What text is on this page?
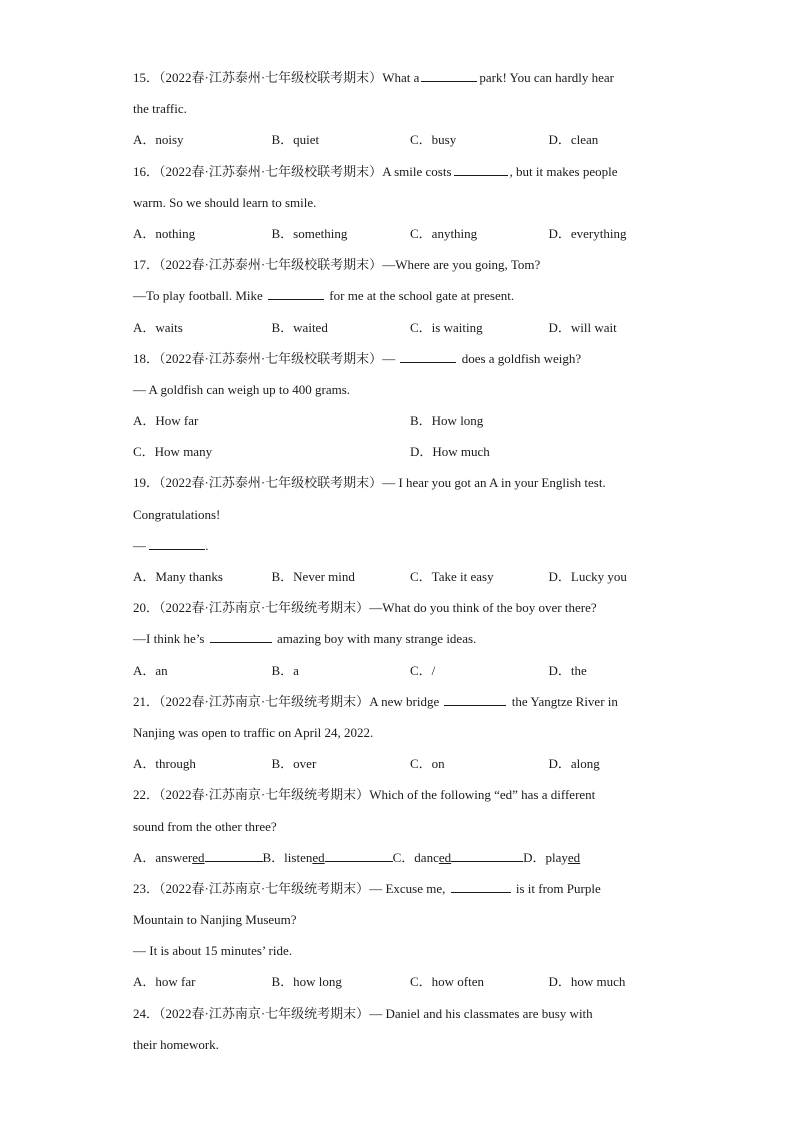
15．（2022春·江苏泰州·七年级校联考期末）What a	park! You can hardly hear
the traffic.
A．noisy	B．quiet	C．busy	D．clean
16．（2022春·江苏泰州·七年级校联考期末）A smile costs	, but it makes people
warm. So we should learn to smile.
A．nothing	B．something	C．anything	D．everything
17．（2022春·江苏泰州·七年级校联考期末）—Where are you going, Tom?
—To play football. Mike	for me at the school gate at present.
A．waits	B．waited	C．is waiting	D．will wait
18．（2022春·江苏泰州·七年级校联考期末）—	does a goldfish weigh?
— A goldfish can weigh up to 400 grams.
A．How far	B．How long
C．How many	D．How much
19．（2022春·江苏泰州·七年级校联考期末）— I hear you got an A in your English test.
Congratulations!
—	.
A．Many thanks	B．Never mind	C．Take it easy	D．Lucky you
20．（2022春·江苏南京·七年级统考期末）—What do you think of the boy over there?
—I think he’s	amazing boy with many strange ideas.
A．an	B．a	C．/	D．the
21．（2022春·江苏南京·七年级统考期末）A new bridge	the Yangtze River in
Nanjing was open to traffic on April 24, 2022.
A．through	B．over	C．on	D．along
22．（2022春·江苏南京·七年级统考期末）Which of the following “ed” has a different
sound from the other three?
A．answered	B．listened	C．danced	D．played
23．（2022春·江苏南京·七年级统考期末）— Excuse me,	is it from Purple
Mountain to Nanjing Museum?
— It is about 15 minutes’ ride.
A．how far	B．how long	C．how often	D．how much
24．（2022春·江苏南京·七年级统考期末）— Daniel and his classmates are busy with
their homework.
